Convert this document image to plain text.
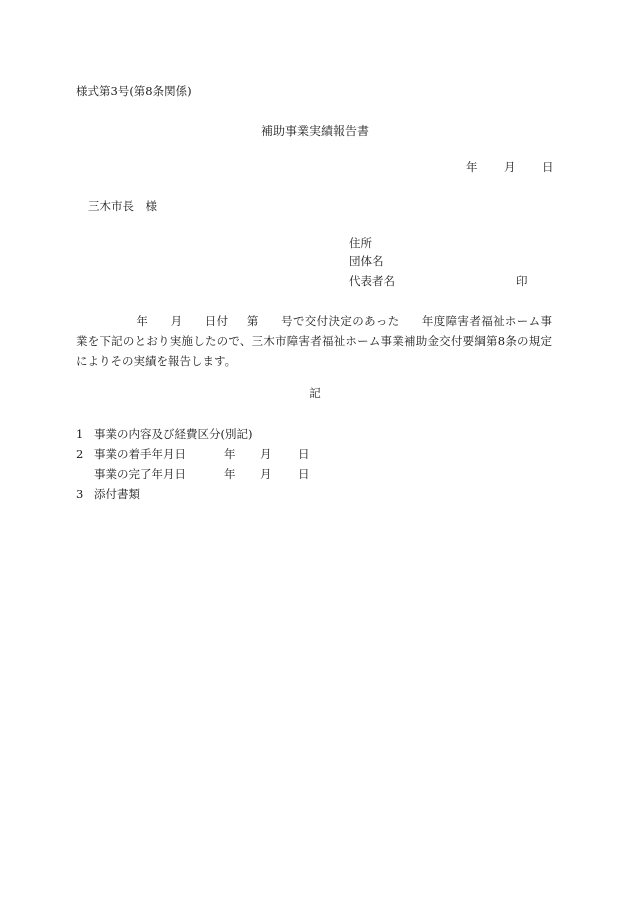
様式第3号(第8条関係)
補助事業実績報告書
年 月 日
三木市長　様
住所
団体名
代表者名	印
年 月 日付 第 号で交付決定のあった 年度障害者福祉ホーム事業を下記のとおり実施したので、三木市障害者福祉ホーム事業補助金交付要綱第8条の規定によりその実績を報告します。
記
1 事業の内容及び経費区分(別記)
2 事業の着手年月日	年 月 日
事業の完了年月日	年 月 日
3 添付書類
